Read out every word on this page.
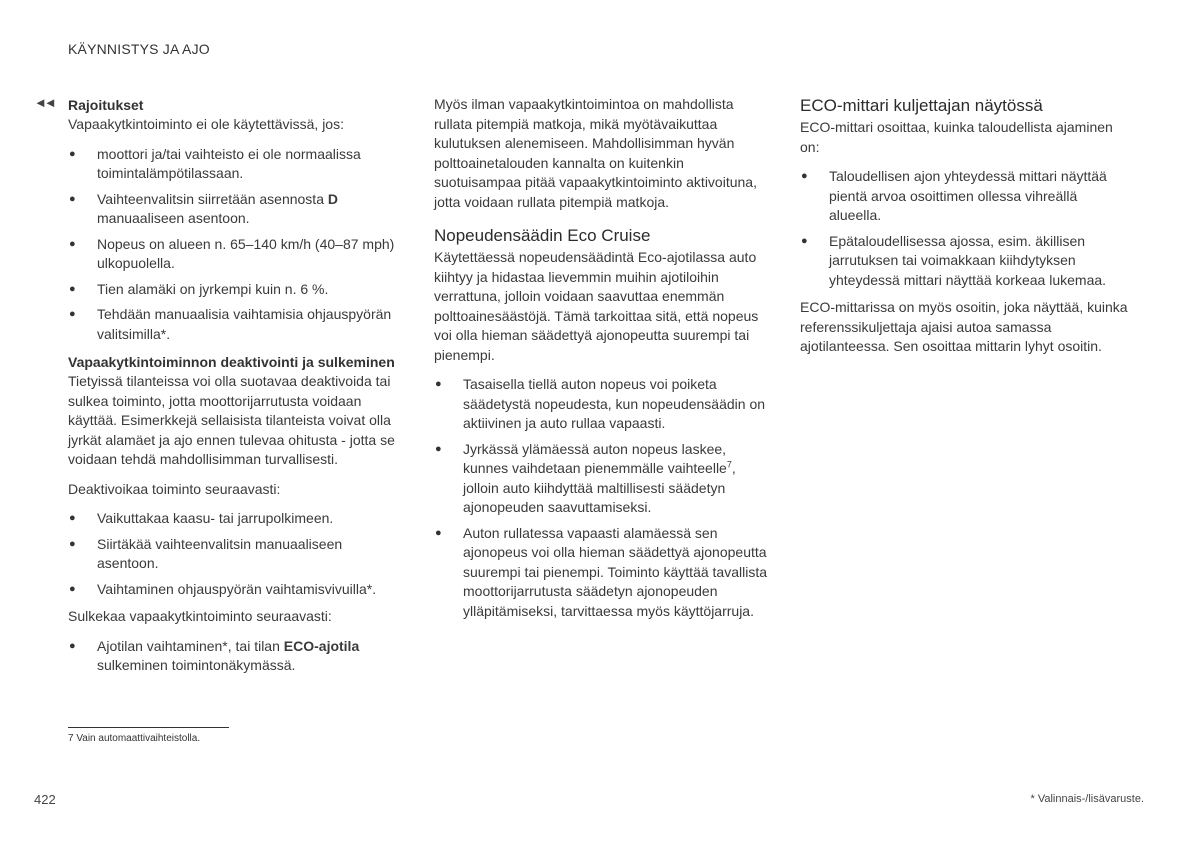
KÄYNNISTYS JA AJO
◄◄ Rajoitukset

Vapaakytkintoiminto ei ole käytettävissä, jos:

● moottori ja/tai vaihteisto ei ole normaalissa toimintalämpötilassaan.
● Vaihteenvalitsin siirretään asennosta D manuaaliseen asentoon.
● Nopeus on alueen n. 65–140 km/h (40–87 mph) ulkopuolella.
● Tien alamäki on jyrkempi kuin n. 6 %.
● Tehdään manuaalisia vaihtamisia ohjauspyörän valitsimilla*.
Vapaakytkintoiminnon deaktivointi ja sulkeminen

Tietyissä tilanteissa voi olla suotavaa deaktivoida tai sulkea toiminto, jotta moottorijarrutusta voidaan käyttää. Esimerkkejä sellaisista tilanteista voivat olla jyrkät alamäet ja ajo ennen tulevaa ohitusta - jotta se voidaan tehdä mahdollisimman turvallisesti.

Deaktivoikaa toiminto seuraavasti:

● Vaikuttakaa kaasu- tai jarrupolkimeen.
● Siirtäkää vaihteenvalitsin manuaaliseen asentoon.
● Vaihtaminen ohjauspyörän vaihtamisvivuilla*.

Sulkekaa vapaakytkintoiminto seuraavasti:

● Ajotilan vaihtaminen*, tai tilan ECO-ajotila sulkeminen toimintonäkymässä.

Myös ilman vapaakytkintoimintoa on mahdollista rullata pitempiä matkoja, mikä myötävaikuttaa kulutuksen alenemiseen. Mahdollisimman hyvän polttoainetalouden kannalta on kuitenkin suotuisampaa pitää vapaakytkintoiminto aktivoituna, jotta voidaan rullata pitempiä matkoja.

Nopeudensäädin Eco Cruise

Käytettäessä nopeudensäädintä Eco-ajotilassa auto kiihtyy ja hidastaa lievemmin muihin ajotiloihin verrattuna, jolloin voidaan saavuttaa enemmän polttoainesäästöjä. Tämä tarkoittaa sitä, että nopeus voi olla hieman säädettyä ajonopeutta suurempi tai pienempi.

● Tasaisella tiellä auton nopeus voi poiketa säädetystä nopeudesta, kun nopeudensäädin on aktiivinen ja auto rullaa vapaasti.
● Jyrkässä ylämäessä auton nopeus laskee, kunnes vaihdetaan pienemmälle vaihteelle$^7$, jolloin auto kiihdyttää maltillisesti säädetyn ajonopeuden saavuttamiseksi.
● Auton rullatessa vapaasti alamäessä sen ajonopeus voi olla hieman säädettyä ajonopeutta suurempi tai pienempi. Toiminto käyttää tavallista moottorijarrutusta säädetyn ajonopeuden ylläpitämiseksi, tarvittaessa myös käyttöjarruja.
ECO-mittari kuljettajan näytössä

ECO-mittari osoittaa, kuinka taloudellista ajaminen on:

● Taloudellisen ajon yhteydessä mittari näyttää pientä arvoa osoittimen ollessa vihreällä alueella.
● Epätaloudellisessa ajossa, esim. äkillisen jarrutuksen tai voimakkaan kiihdytyksen yhteydessä mittari näyttää korkeaa lukemaa.

ECO-mittarissa on myös osoitin, joka näyttää, kuinka referenssikuljettaja ajaisi autoa samassa ajotilanteessa. Sen osoittaa mittarin lyhyt osoitin.

7 Vain automaattivaihteistolla.
422	* Valinnais-/lisävaruste.
